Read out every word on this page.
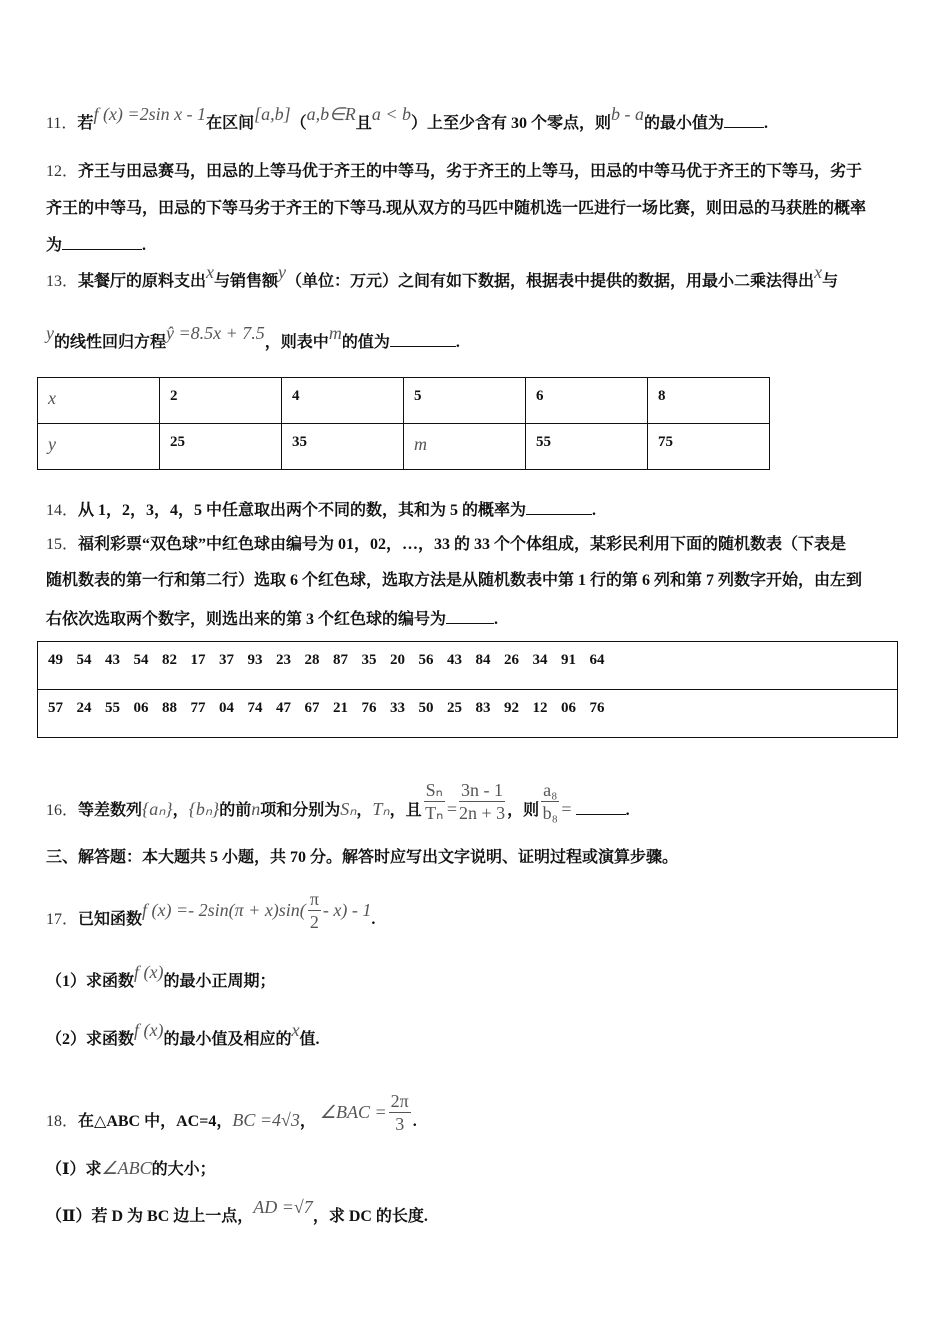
11．若f (x) =2sin x - 1在区间[a,b]（a,b∈R且a < b）上至少含有 30 个零点，则b - a的最小值为	.
12．齐王与田忌赛马，田忌的上等马优于齐王的中等马，劣于齐王的上等马，田忌的中等马优于齐王的下等马，劣于
齐王的中等马，田忌的下等马劣于齐王的下等马.现从双方的马匹中随机选一匹进行一场比赛，则田忌的马获胜的概率
为	.
13．某餐厅的原料支出x与销售额y（单位：万元）之间有如下数据，根据表中提供的数据，用最小二乘法得出x与
y的线性回归方程ŷ =8.5x + 7.5，则表中m的值为	.
x	2	4	5	6	8
y	25	35	m	55	75
14．从 1，2，3，4，5 中任意取出两个不同的数，其和为 5 的概率为	.
15．福利彩票“双色球”中红色球由编号为 01，02，…，33 的 33 个个体组成，某彩民利用下面的随机数表（下表是
随机数表的第一行和第二行）选取 6 个红色球，选取方法是从随机数表中第 1 行的第 6 列和第 7 列数字开始，由左到
右依次选取两个数字，则选出来的第 3 个红色球的编号为	.
49  54  43  54  82  17  37  93  23  28  87  35  20  56  43  84  26  34  91  64
57  24  55  06  88  77  04  74  47  67  21  76  33  50  25  83  92  12  06  76
16．等差数列{aₙ}，{bₙ}的前n项和分别为Sₙ，Tₙ，且 $\frac{\text{Sₙ}}{\text{Tₙ}} = \frac{3n - 1}{2n + 3}$ ，则 $\frac{\text{a₈}}{\text{b₈}}$ =	.
三、解答题：本大题共 5 小题，共 70 分。解答时应写出文字说明、证明过程或演算步骤。
17．已知函数f $(x) =- 2\sin(\pi + x)\sin( \frac{\pi}{2} - x) - 1$.
（1）求函数f (x)的最小正周期；
（2）求函数f (x)的最小值及相应的x值.
18．在△ABC 中，AC=4，BC =4√3， ∠BAC = $\frac{2\pi}{3}$ .
（Ⅰ）求∠ABC的大小；
（Ⅱ）若 D 为 BC 边上一点，AD =√7，求 DC 的长度.
